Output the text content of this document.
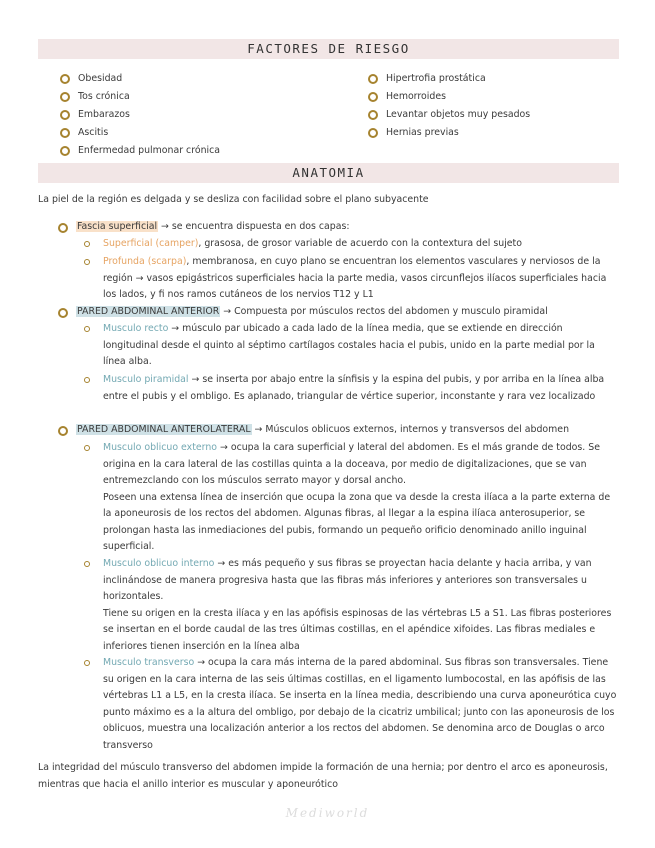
FACTORES DE RIESGO
Obesidad
Tos crónica
Embarazos
Ascitis
Enfermedad pulmonar crónica
Hipertrofia prostática
Hemorroides
Levantar objetos muy pesados
Hernias previas
ANATOMIA
La piel de la región es delgada y se desliza con facilidad sobre el plano subyacente
Fascia superficial → se encuentra dispuesta en dos capas:
Superficial (camper), grasosa, de grosor variable de acuerdo con la contextura del sujeto
Profunda (scarpa), membranosa, en cuyo plano se encuentran los elementos vasculares y nerviosos de la región → vasos epigástricos superficiales hacia la parte media, vasos circunflejos ilíacos superficiales hacia los lados, y fi nos ramos cutáneos de los nervios T12 y L1
PARED ABDOMINAL ANTERIOR → Compuesta por músculos rectos del abdomen y musculo piramidal
Musculo recto → músculo par ubicado a cada lado de la línea media, que se extiende en dirección longitudinal desde el quinto al séptimo cartílagos costales hacia el pubis, unido en la parte medial por la línea alba.
Musculo piramidal → se inserta por abajo entre la sínfisis y la espina del pubis, y por arriba en la línea alba entre el pubis y el ombligo. Es aplanado, triangular de vértice superior, inconstante y rara vez localizado
PARED ABDOMINAL ANTEROLATERAL → Músculos oblicuos externos, internos y transversos del abdomen
Musculo oblicuo externo → ocupa la cara superficial y lateral del abdomen. Es el más grande de todos. Se origina en la cara lateral de las costillas quinta a la doceava, por medio de digitalizaciones, que se van entremezclando con los músculos serrato mayor y dorsal ancho.
Poseen una extensa línea de inserción que ocupa la zona que va desde la cresta ilíaca a la parte externa de la aponeurosis de los rectos del abdomen. Algunas fibras, al llegar a la espina ilíaca anterosuperior, se prolongan hasta las inmediaciones del pubis, formando un pequeño orificio denominado anillo inguinal superficial.
Musculo oblicuo interno → es más pequeño y sus fibras se proyectan hacia delante y hacia arriba, y van inclinándose de manera progresiva hasta que las fibras más inferiores y anteriores son transversales u horizontales.
Tiene su origen en la cresta ilíaca y en las apófisis espinosas de las vértebras L5 a S1. Las fibras posteriores se insertan en el borde caudal de las tres últimas costillas, en el apéndice xifoides. Las fibras mediales e inferiores tienen inserción en la línea alba
Musculo transverso → ocupa la cara más interna de la pared abdominal. Sus fibras son transversales. Tiene su origen en la cara interna de las seis últimas costillas, en el ligamento lumbocostal, en las apófisis de las vértebras L1 a L5, en la cresta ilíaca. Se inserta en la línea media, describiendo una curva aponeurótica cuyo punto máximo es a la altura del ombligo, por debajo de la cicatriz umbilical; junto con las aponeurosis de los oblicuos, muestra una localización anterior a los rectos del abdomen. Se denomina arco de Douglas o arco transverso
La integridad del músculo transverso del abdomen impide la formación de una hernia; por dentro el arco es aponeurosis, mientras que hacia el anillo interior es muscular y aponeurótico
Mediworld
